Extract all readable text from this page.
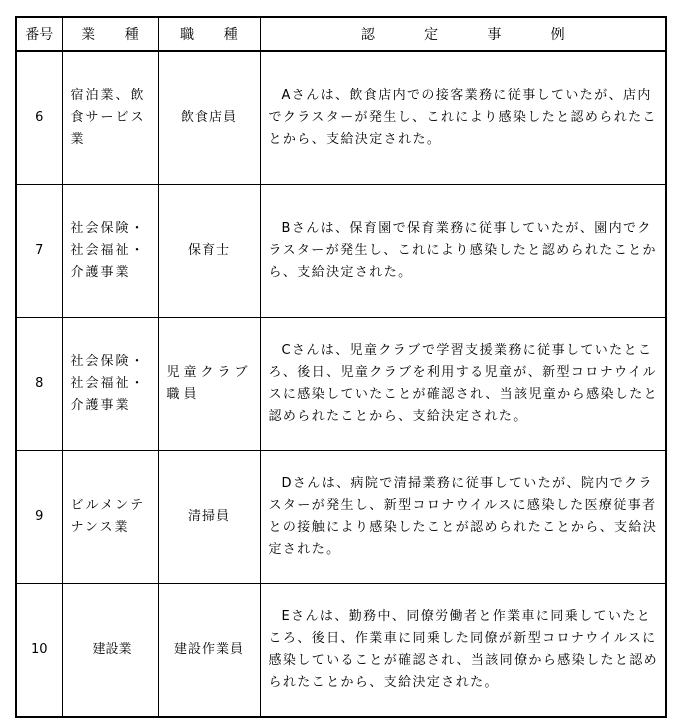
番号	業 種	職 種	認 定 事 例
6	宿泊業、飲食サービス業	飲食店員	Aさんは、飲食店内での接客業務に従事していたが、店内でクラスターが発生し、これにより感染したと認められたことから、支給決定された。

7	社会保険・社会福祉・介護事業	保育士	Bさんは、保育園で保育業務に従事していたが、園内でクラスターが発生し、これにより感染したと認められたことから、支給決定された。

8	社会保険・社会福祉・介護事業	児童クラブ職員	Cさんは、児童クラブで学習支援業務に従事していたところ、後日、児童クラブを利用する児童が、新型コロナウイルスに感染していたことが確認され、当該児童から感染したと認められたことから、支給決定された。

9	ビルメンテナンス業	清掃員	Dさんは、病院で清掃業務に従事していたが、院内でクラスターが発生し、新型コロナウイルスに感染した医療従事者との接触により感染したことが認められたことから、支給決定された。

10	建設業	建設作業員	Eさんは、勤務中、同僚労働者と作業車に同乗していたところ、後日、作業車に同乗した同僚が新型コロナウイルスに感染していることが確認され、当該同僚から感染したと認められたことから、支給決定された。
